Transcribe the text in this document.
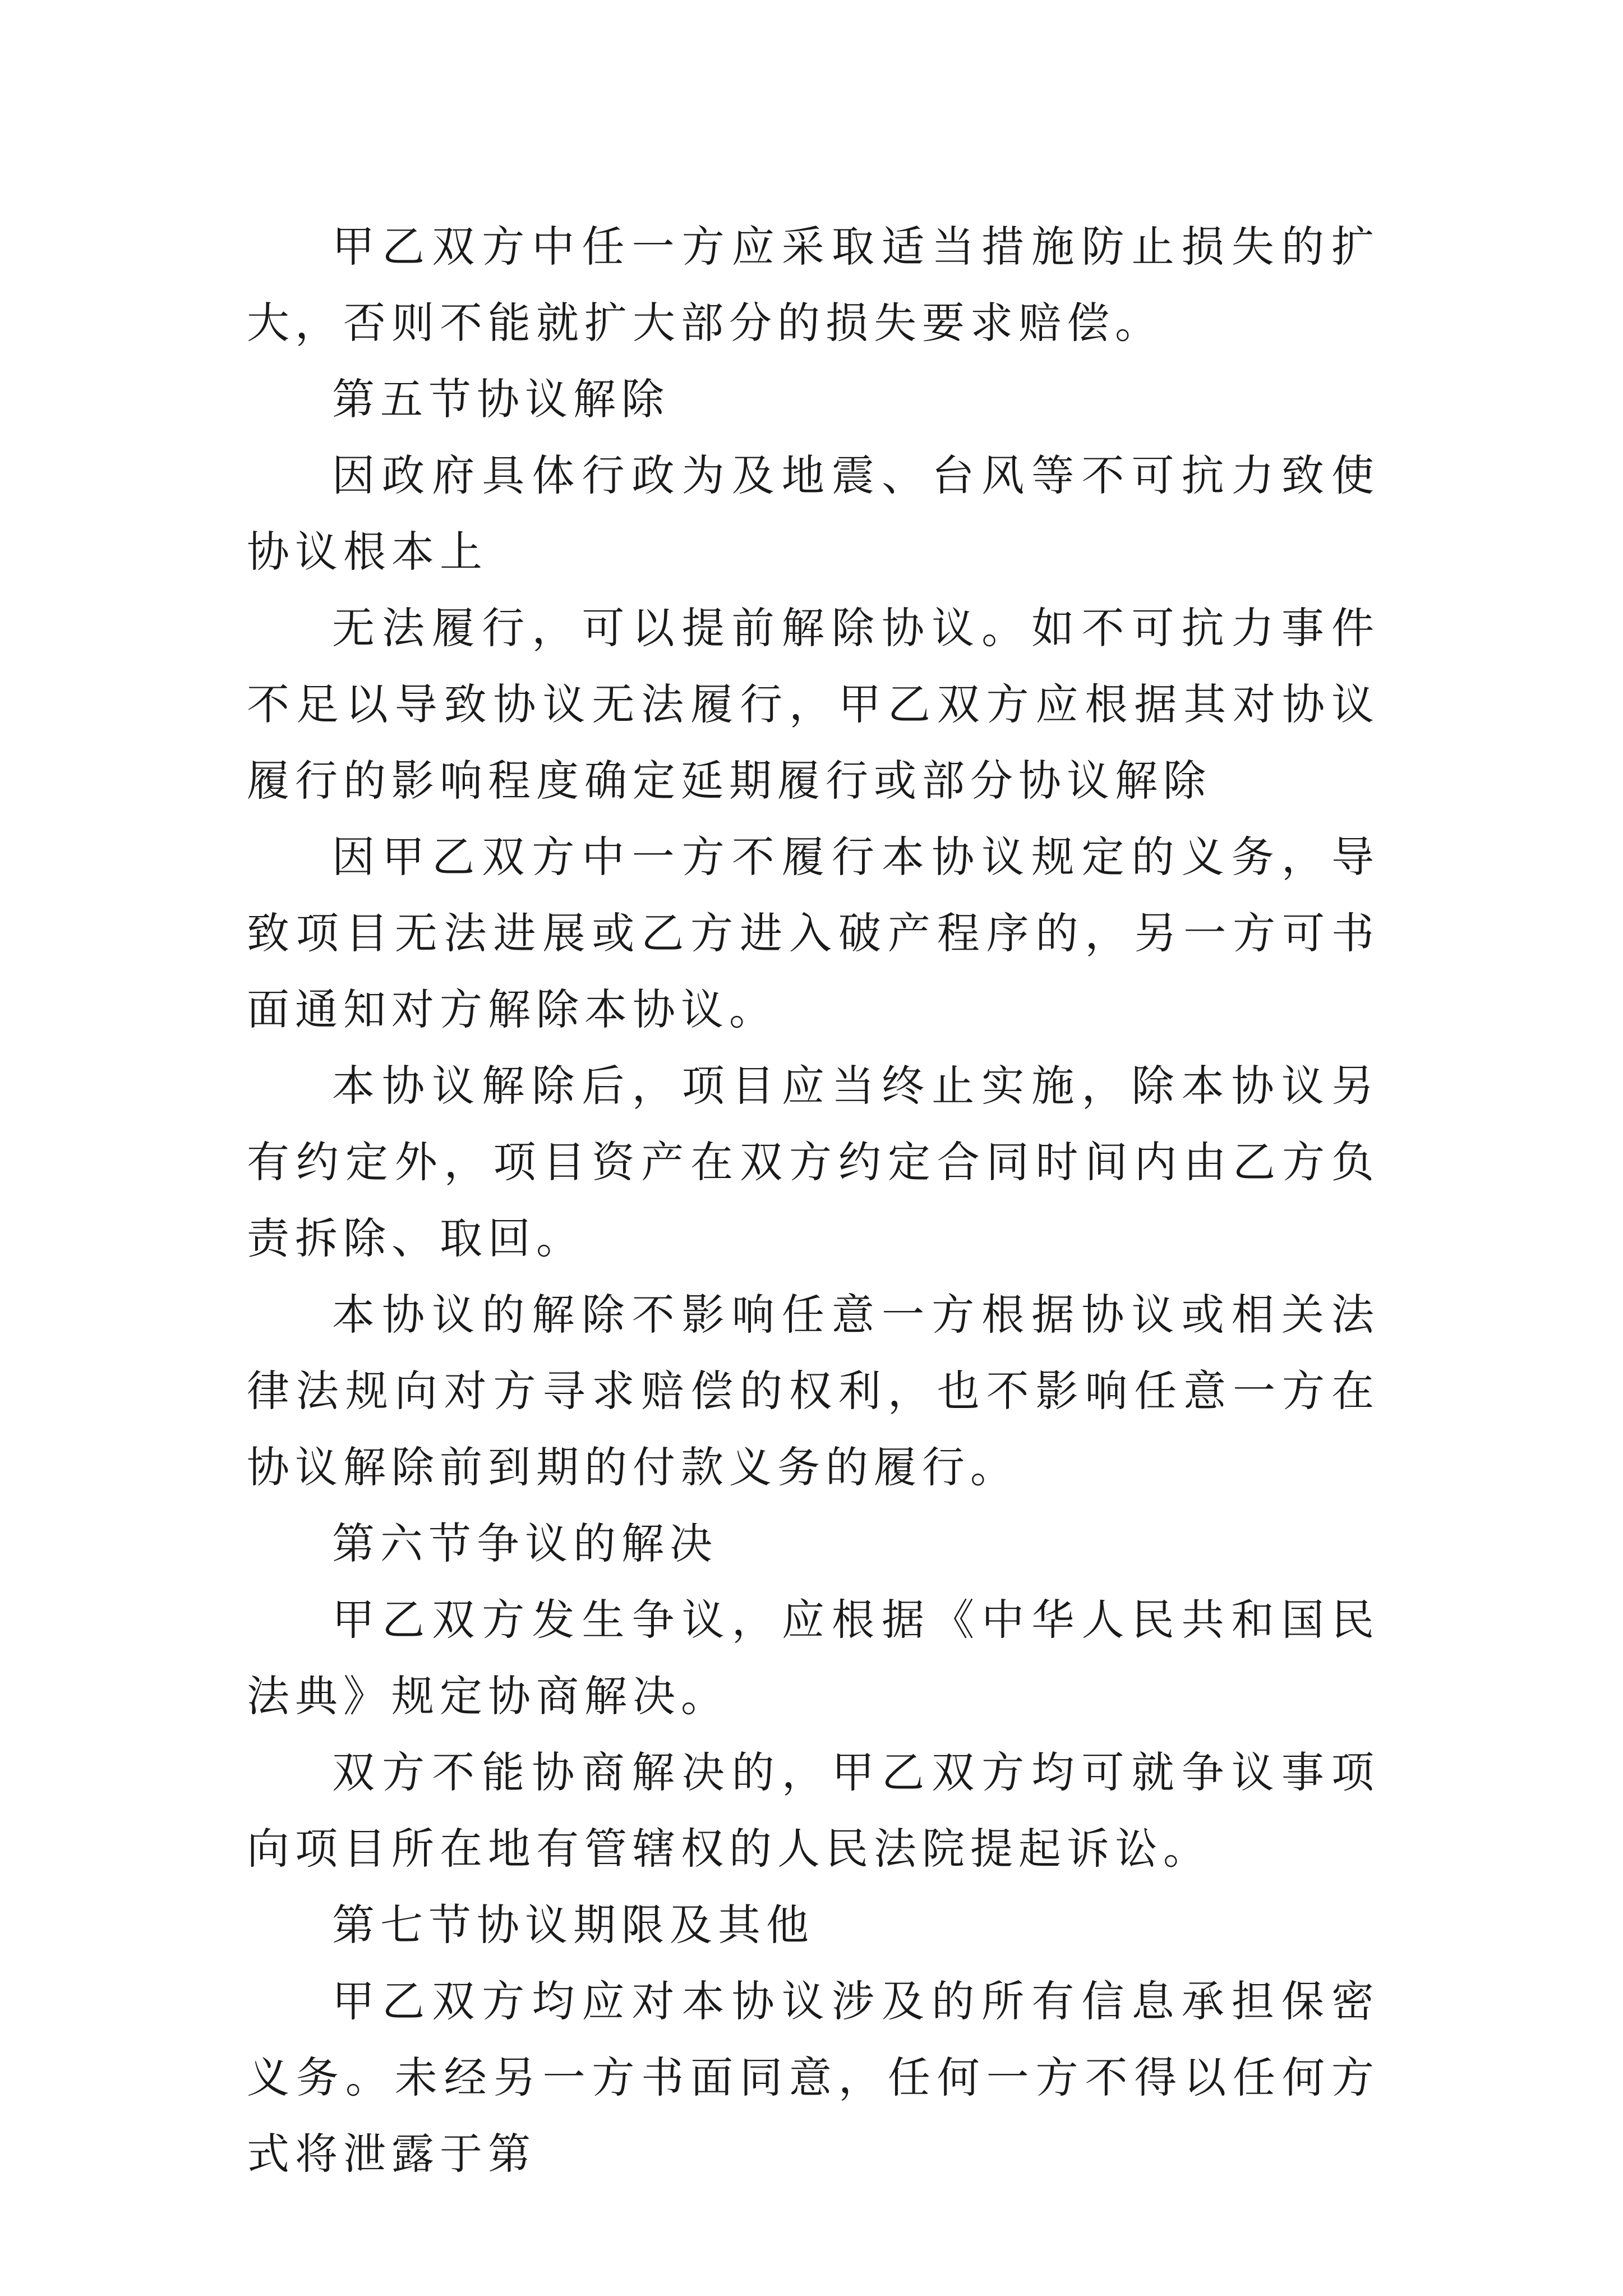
甲乙双方中任一方应采取适当措施防止损失的扩大，否则不能就扩大部分的损失要求赔偿。

第五节协议解除

因政府具体行政为及地震、台风等不可抗力致使协议根本上

无法履行，可以提前解除协议。如不可抗力事件不足以导致协议无法履行，甲乙双方应根据其对协议履行的影响程度确定延期履行或部分协议解除

因甲乙双方中一方不履行本协议规定的义务，导致项目无法进展或乙方进入破产程序的，另一方可书面通知对方解除本协议。

本协议解除后，项目应当终止实施，除本协议另有约定外，项目资产在双方约定合同时间内由乙方负责拆除、取回。

本协议的解除不影响任意一方根据协议或相关法律法规向对方寻求赔偿的权利，也不影响任意一方在协议解除前到期的付款义务的履行。

第六节争议的解决

甲乙双方发生争议，应根据《中华人民共和国民法典》规定协商解决。

双方不能协商解决的，甲乙双方均可就争议事项向项目所在地有管辖权的人民法院提起诉讼。

第七节协议期限及其他

甲乙双方均应对本协议涉及的所有信息承担保密义务。未经另一方书面同意，任何一方不得以任何方式将泄露于第
